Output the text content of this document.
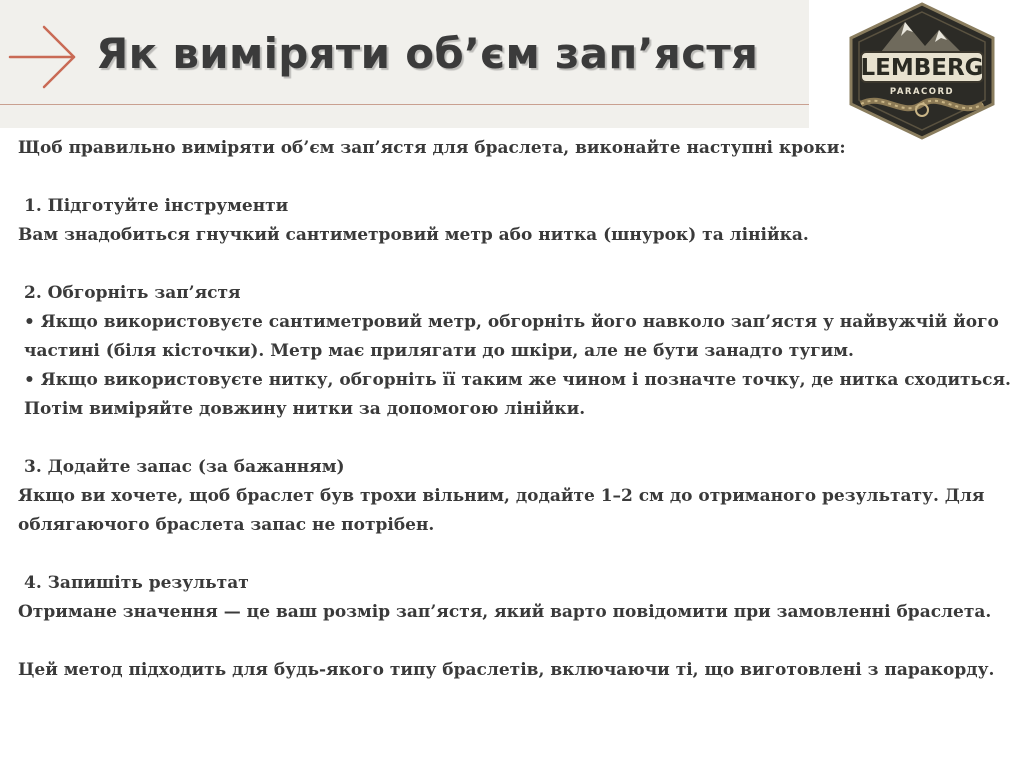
Як виміряти об’єм зап’ястя	LEMBERG
PARACORD

Щоб правильно виміряти об’єм зап’ястя для браслета, виконайте наступні кроки:

1. Підготуйте інструменти

Вам знадобиться гнучкий сантиметровий метр або нитка (шнурок) та лінійка.

2. Обгорніть зап’ястя

• Якщо використовуєте сантиметровий метр, обгорніть його навколо зап’ястя у найвужчій його частині (біля кісточки). Метр має прилягати до шкіри, але не бути занадто тугим.

• Якщо використовуєте нитку, обгорніть її таким же чином і позначте точку, де нитка сходиться. Потім виміряйте довжину нитки за допомогою лінійки.

3. Додайте запас (за бажанням)

Якщо ви хочете, щоб браслет був трохи вільним, додайте 1–2 см до отриманого результату. Для облягаючого браслета запас не потрібен.

4. Запишіть результат

Отримане значення — це ваш розмір зап’ястя, який варто повідомити при замовленні браслета.

Цей метод підходить для будь-якого типу браслетів, включаючи ті, що виготовлені з паракорду.
